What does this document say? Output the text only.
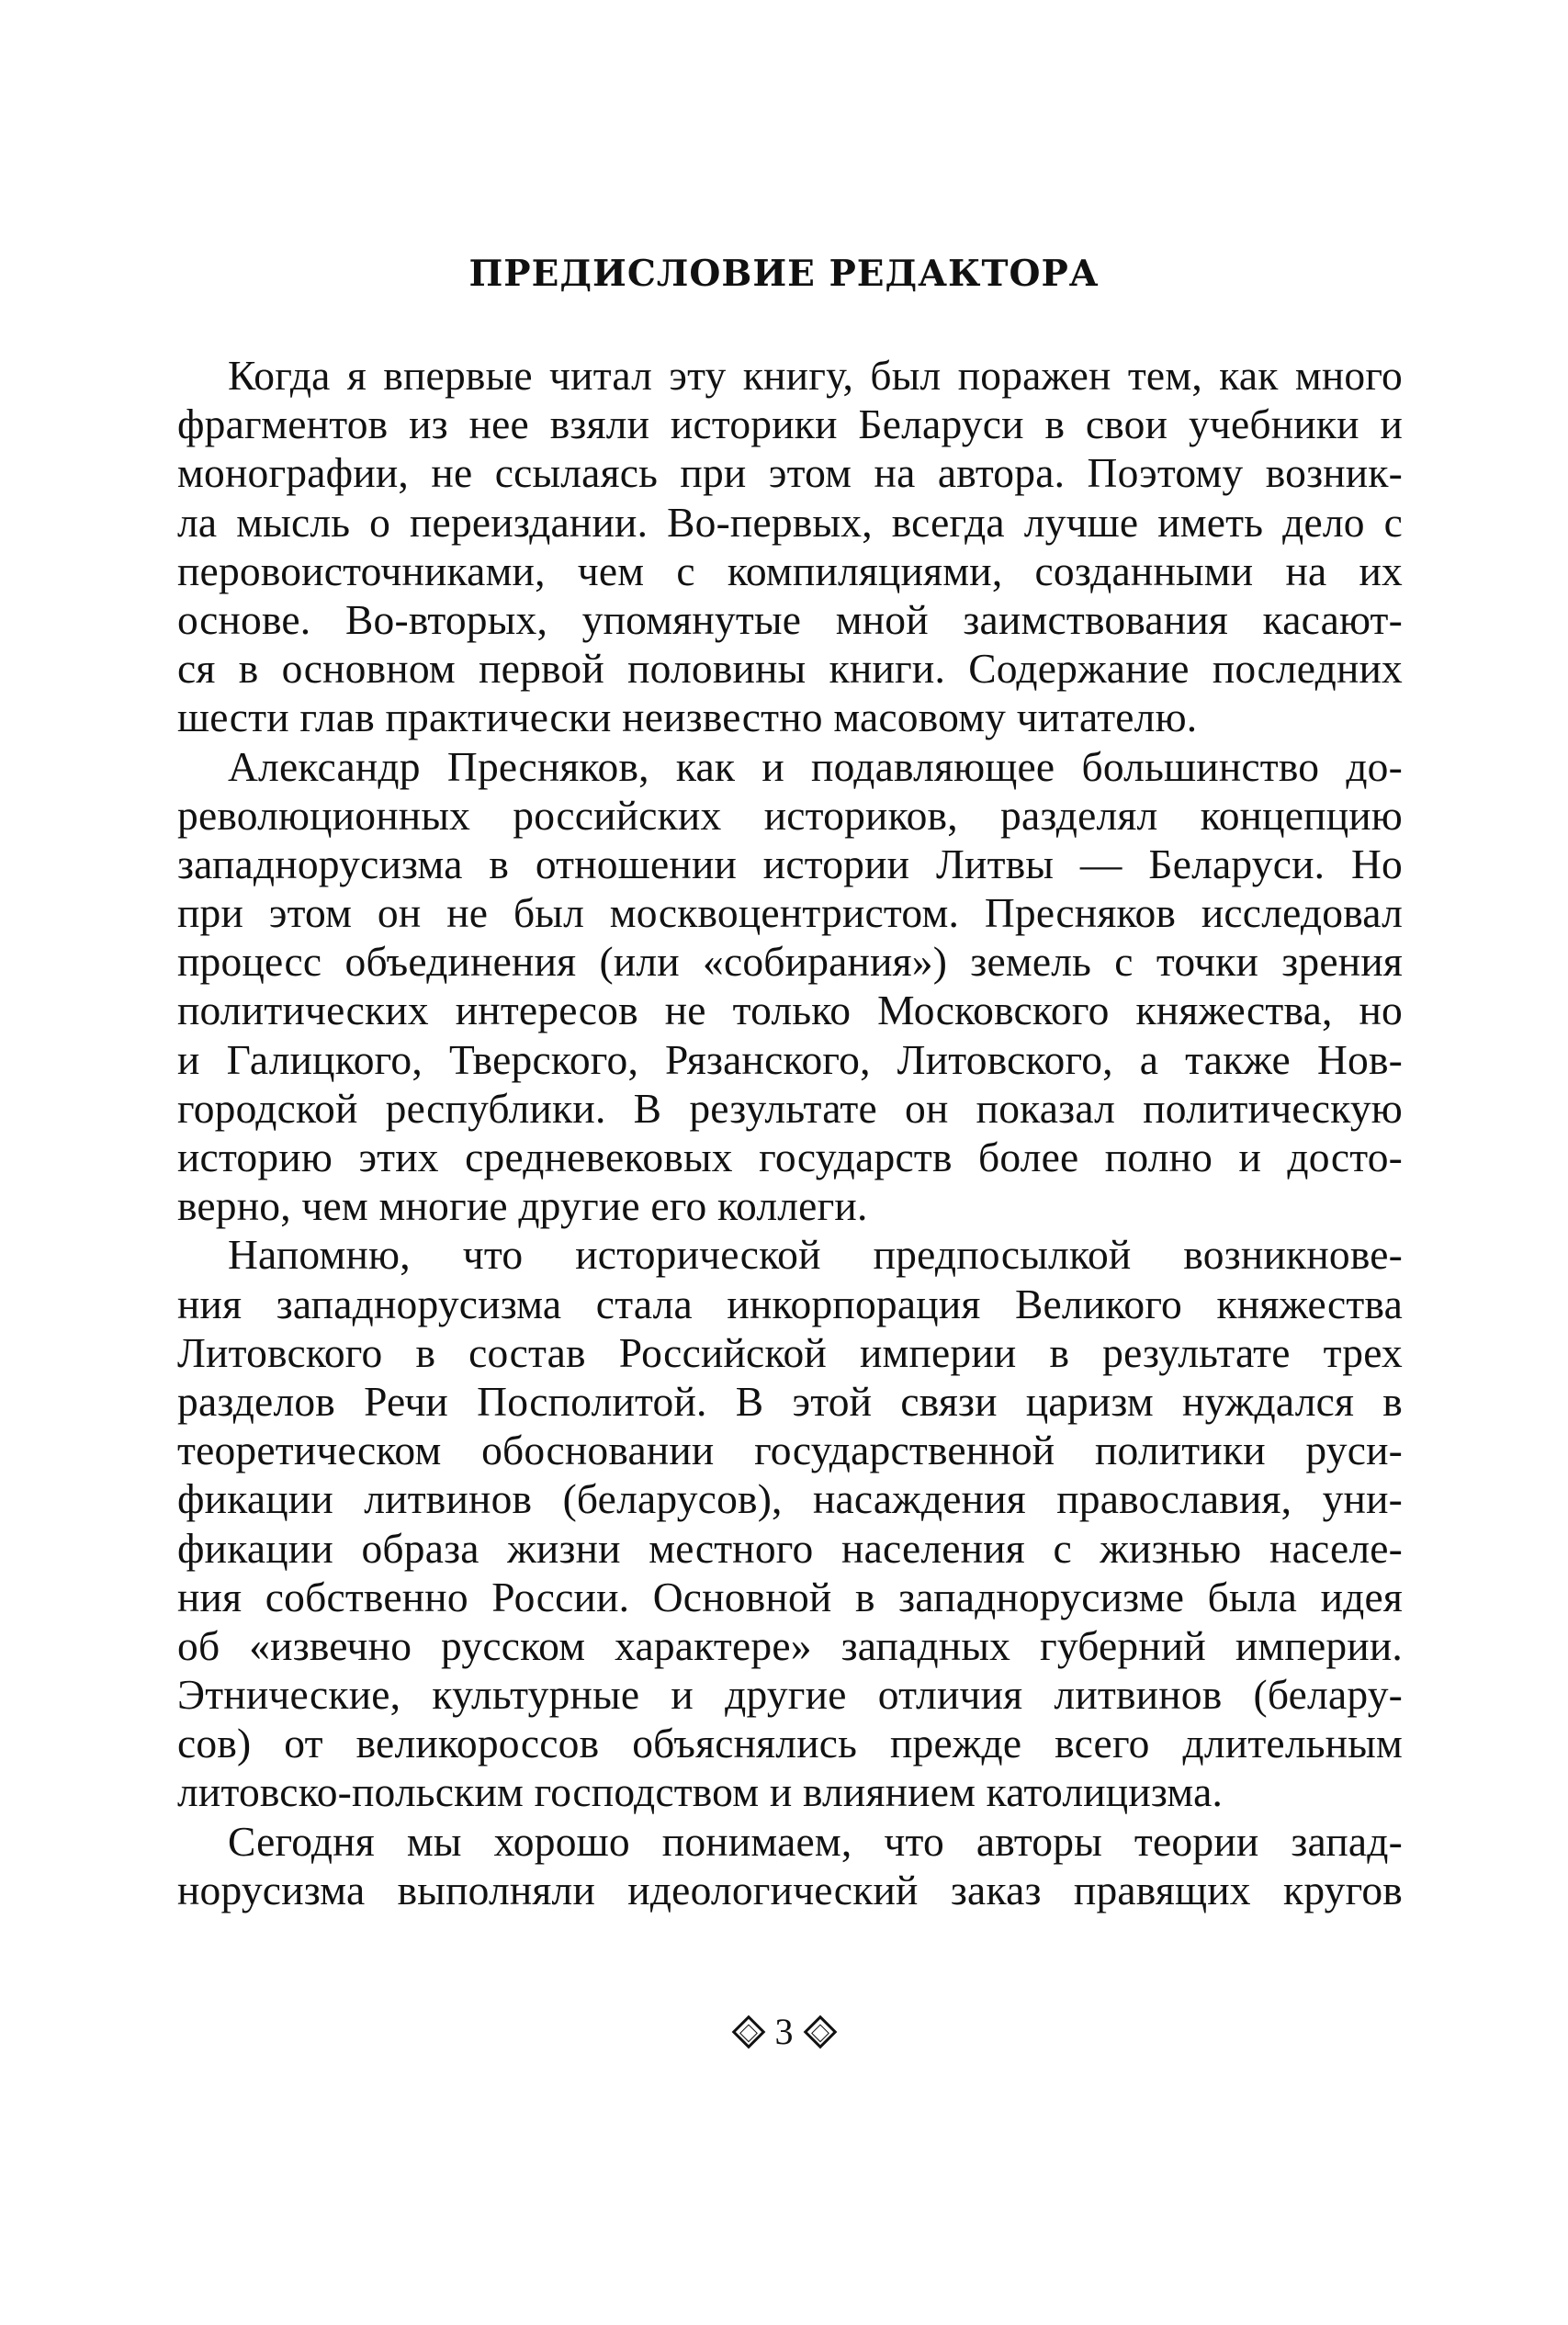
ПРЕДИСЛОВИЕ РЕДАКТОРА
Когда я впервые читал эту книгу, был поражен тем, как много
фрагментов из нее взяли историки Беларуси в свои учебники и
монографии, не ссылаясь при этом на автора. Поэтому возник-
ла мысль о переиздании. Во-первых, всегда лучше иметь дело с
перовоисточниками, чем с компиляциями, созданными на их
основе. Во-вторых, упомянутые мной заимствования касают-
ся в основном первой половины книги. Содержание последних
шести глав практически неизвестно масовому читателю.
Александр Пресняков, как и подавляющее большинство до-
революционных российских историков, разделял концепцию
западнорусизма в отношении истории Литвы — Беларуси. Но
при этом он не был москвоцентристом. Пресняков исследовал
процесс объединения (или «собирания») земель с точки зрения
политических интересов не только Московского княжества, но
и Галицкого, Тверского, Рязанского, Литовского, а также Нов-
городской республики. В результате он показал политическую
историю этих средневековых государств более полно и досто-
верно, чем многие другие его коллеги.
Напомню, что исторической предпосылкой возникнове-
ния западнорусизма стала инкорпорация Великого княжества
Литовского в состав Российской империи в результате трех
разделов Речи Посполитой. В этой связи царизм нуждался в
теоретическом обосновании государственной политики руси-
фикации литвинов (беларусов), насаждения православия, уни-
фикации образа жизни местного населения с жизнью населе-
ния собственно России. Основной в западнорусизме была идея
об «извечно русском характере» западных губерний империи.
Этнические, культурные и другие отличия литвинов (белару-
сов) от великороссов объяснялись прежде всего длительным
литовско-польским господством и влиянием католицизма.
Сегодня мы хорошо понимаем, что авторы теории запад-
норусизма выполняли идеологический заказ правящих кругов
3
